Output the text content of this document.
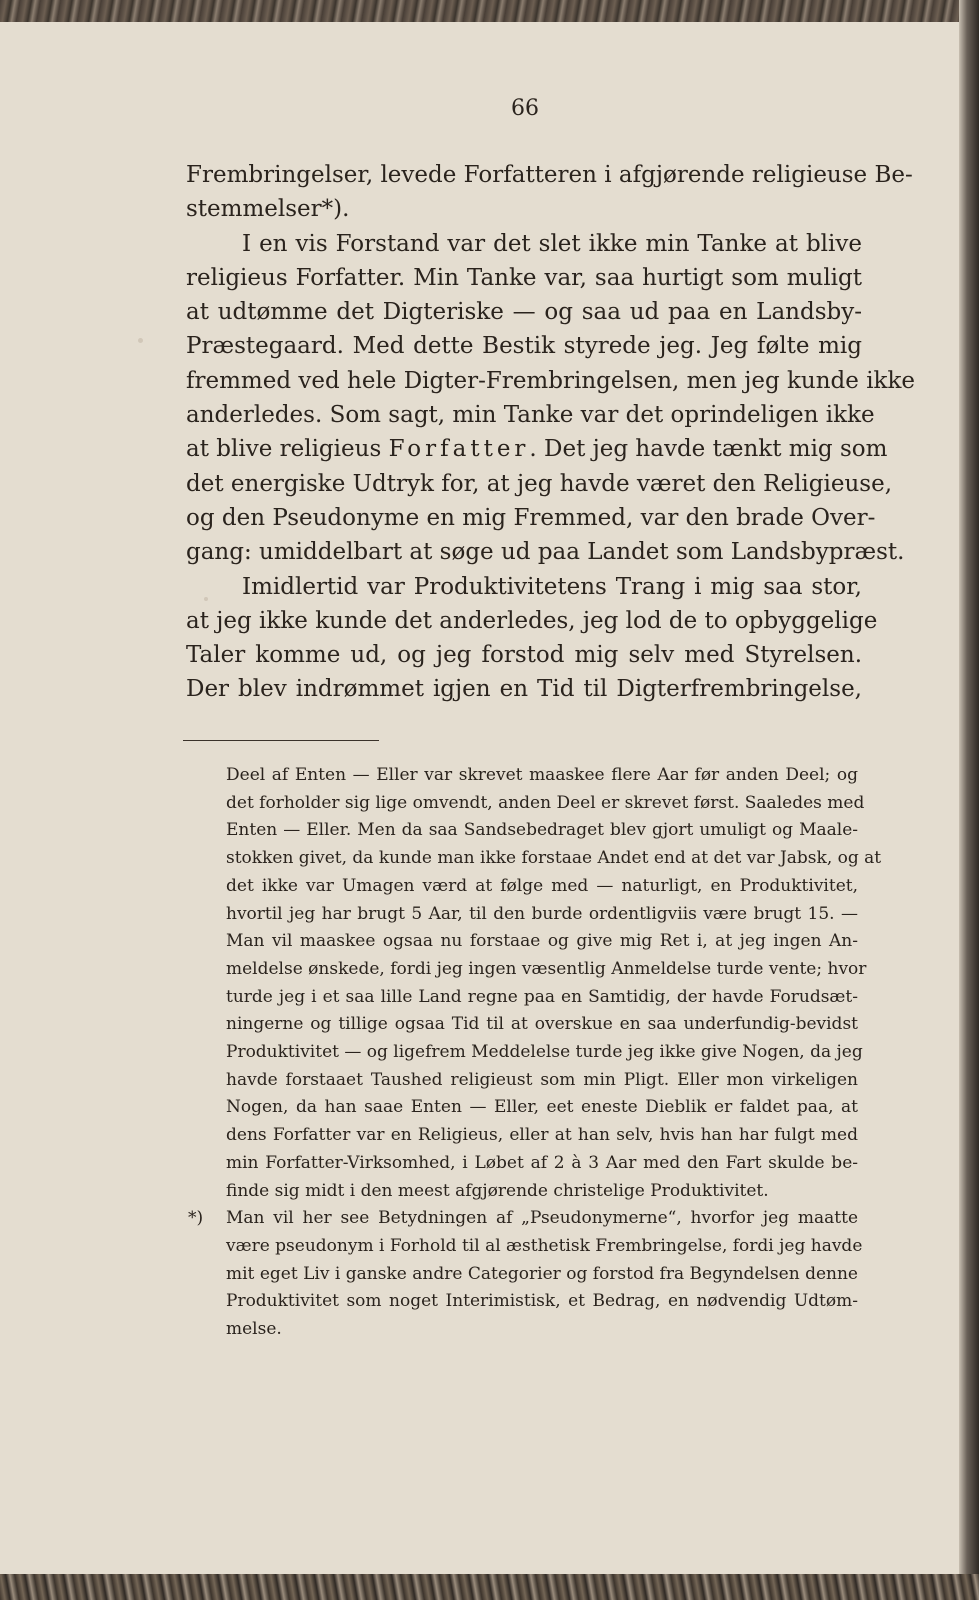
66
Frembringelser, levede Forfatteren i afgjørende religieuse Be-
stemmelser*).
I en vis Forstand var det slet ikke min Tanke at blive
religieus Forfatter. Min Tanke var, saa hurtigt som muligt
at udtømme det Digteriske — og saa ud paa en Landsby-
Præstegaard. Med dette Bestik styrede jeg. Jeg følte mig
fremmed ved hele Digter-Frembringelsen, men jeg kunde ikke
anderledes. Som sagt, min Tanke var det oprindeligen ikke
at blive religieus Forfatter. Det jeg havde tænkt mig som
det energiske Udtryk for, at jeg havde været den Religieuse,
og den Pseudonyme en mig Fremmed, var den brade Over-
gang: umiddelbart at søge ud paa Landet som Landsbypræst.
Imidlertid var Produktivitetens Trang i mig saa stor,
at jeg ikke kunde det anderledes, jeg lod de to opbyggelige
Taler komme ud, og jeg forstod mig selv med Styrelsen.
Der blev indrømmet igjen en Tid til Digterfrembringelse,
Deel af Enten — Eller var skrevet maaskee flere Aar før anden Deel; og
det forholder sig lige omvendt, anden Deel er skrevet først. Saaledes med
Enten — Eller. Men da saa Sandsebedraget blev gjort umuligt og Maale-
stokken givet, da kunde man ikke forstaae Andet end at det var Jabsk, og at
det ikke var Umagen værd at følge med — naturligt, en Produktivitet,
hvortil jeg har brugt 5 Aar, til den burde ordentligviis være brugt 15. —
Man vil maaskee ogsaa nu forstaae og give mig Ret i, at jeg ingen An-
meldelse ønskede, fordi jeg ingen væsentlig Anmeldelse turde vente; hvor
turde jeg i et saa lille Land regne paa en Samtidig, der havde Forudsæt-
ningerne og tillige ogsaa Tid til at overskue en saa underfundig-bevidst
Produktivitet — og ligefrem Meddelelse turde jeg ikke give Nogen, da jeg
havde forstaaet Taushed religieust som min Pligt. Eller mon virkeligen
Nogen, da han saae Enten — Eller, eet eneste Dieblik er faldet paa, at
dens Forfatter var en Religieus, eller at han selv, hvis han har fulgt med
min Forfatter-Virksomhed, i Løbet af 2 à 3 Aar med den Fart skulde be-
finde sig midt i den meest afgjørende christelige Produktivitet.
*) Man vil her see Betydningen af „Pseudonymerne“, hvorfor jeg maatte
være pseudonym i Forhold til al æsthetisk Frembringelse, fordi jeg havde
mit eget Liv i ganske andre Categorier og forstod fra Begyndelsen denne
Produktivitet som noget Interimistisk, et Bedrag, en nødvendig Udtøm-
melse.
